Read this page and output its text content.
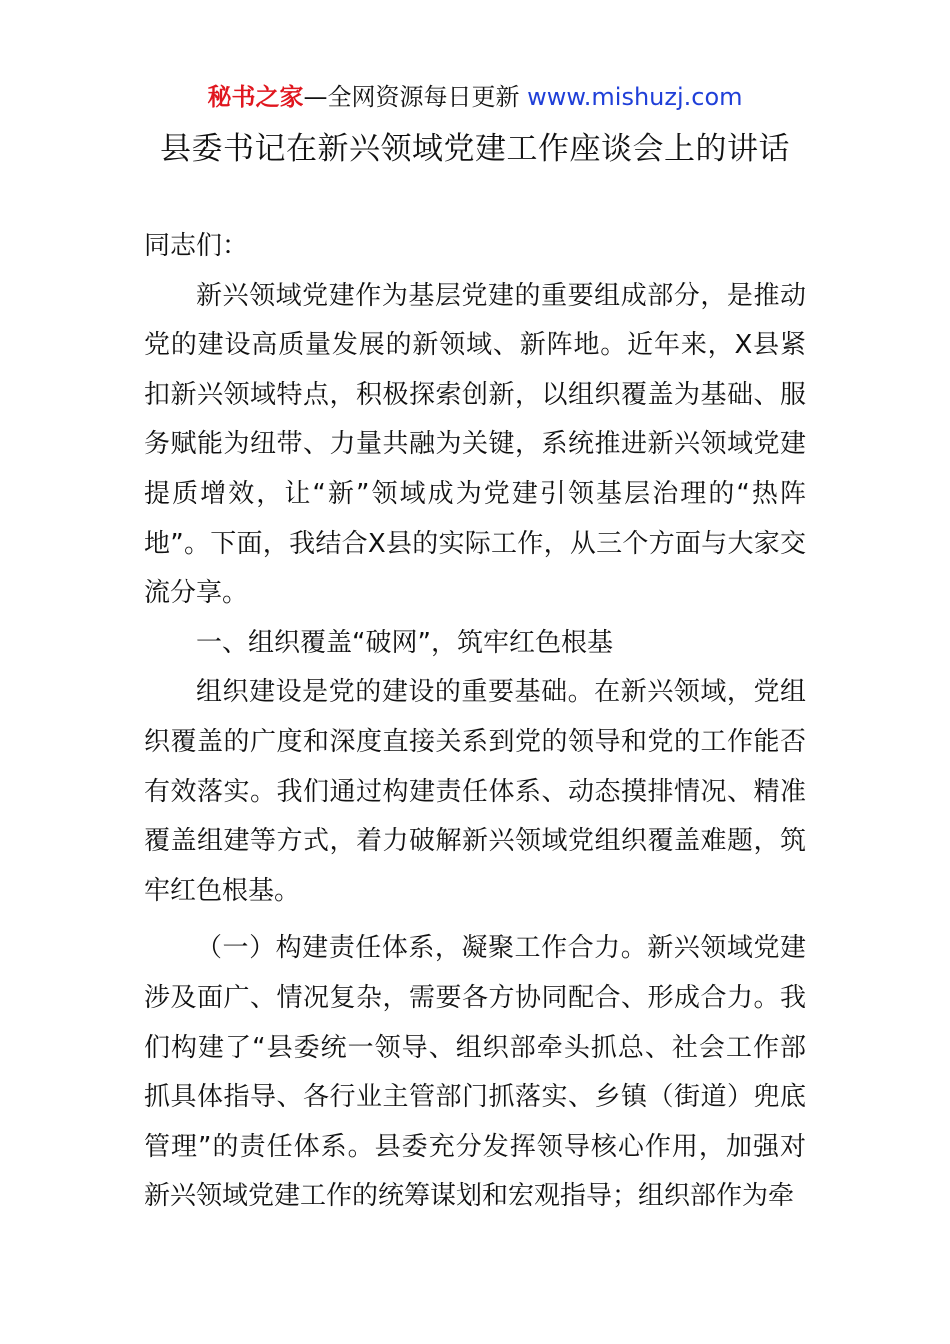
秘书之家—全网资源每日更新 www.mishuzj.com
县委书记在新兴领域党建工作座谈会上的讲话

同志们：

新兴领域党建作为基层党建的重要组成部分，是推动党的建设高质量发展的新领域、新阵地。近年来，X县紧扣新兴领域特点，积极探索创新，以组织覆盖为基础、服务赋能为纽带、力量共融为关键，系统推进新兴领域党建提质增效，让“新”领域成为党建引领基层治理的“热阵地”。下面，我结合X县的实际工作，从三个方面与大家交流分享。

一、组织覆盖“破网”，筑牢红色根基

组织建设是党的建设的重要基础。在新兴领域，党组织覆盖的广度和深度直接关系到党的领导和党的工作能否有效落实。我们通过构建责任体系、动态摸排情况、精准覆盖组建等方式，着力破解新兴领域党组织覆盖难题，筑牢红色根基。

（一）构建责任体系，凝聚工作合力。新兴领域党建涉及面广、情况复杂，需要各方协同配合、形成合力。我们构建了“县委统一领导、组织部牵头抓总、社会工作部抓具体指导、各行业主管部门抓落实、乡镇（街道）兜底管理”的责任体系。县委充分发挥领导核心作用，加强对新兴领域党建工作的统筹谋划和宏观指导；组织部作为牵
